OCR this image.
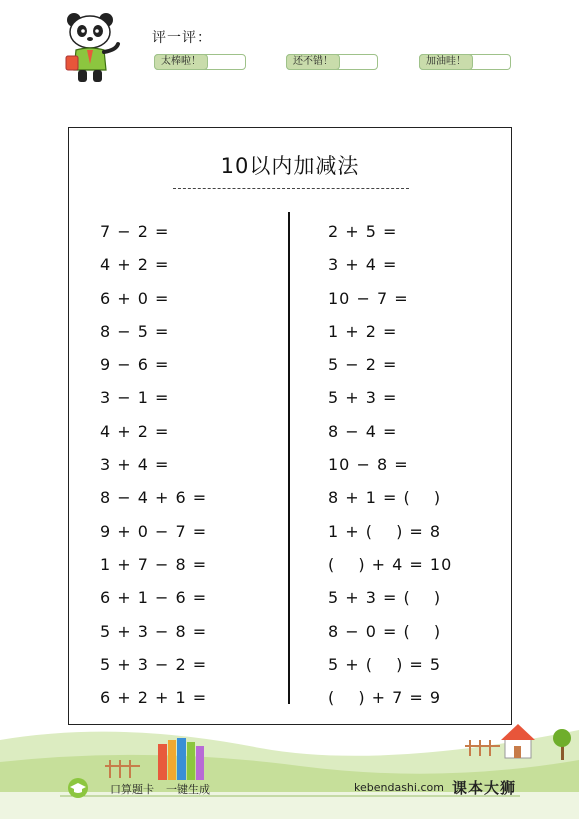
评一评：
太棒啦！	还不错！	加油哇！
10以内加减法
7 − 2 =
4 + 2 =
6 + 0 =
8 − 5 =
9 − 6 =
3 − 1 =
4 + 2 =
3 + 4 =
8 − 4 + 6 =
9 + 0 − 7 =
1 + 7 − 8 =
6 + 1 − 6 =
5 + 3 − 8 =
5 + 3 − 2 =
6 + 2 + 1 =
2 + 5 =
3 + 4 =
10 − 7 =
1 + 2 =
5 − 2 =
5 + 3 =
8 − 4 =
10 − 8 =
8 + 1 = (　 )
1 + (　 ) = 8
(　 ) + 4 = 10
5 + 3 = (　 )
8 − 0 = (　 )
5 + (　 ) = 5
(　 ) + 7 = 9
口算题卡 一键生成	kebendashi.com 课本大狮
